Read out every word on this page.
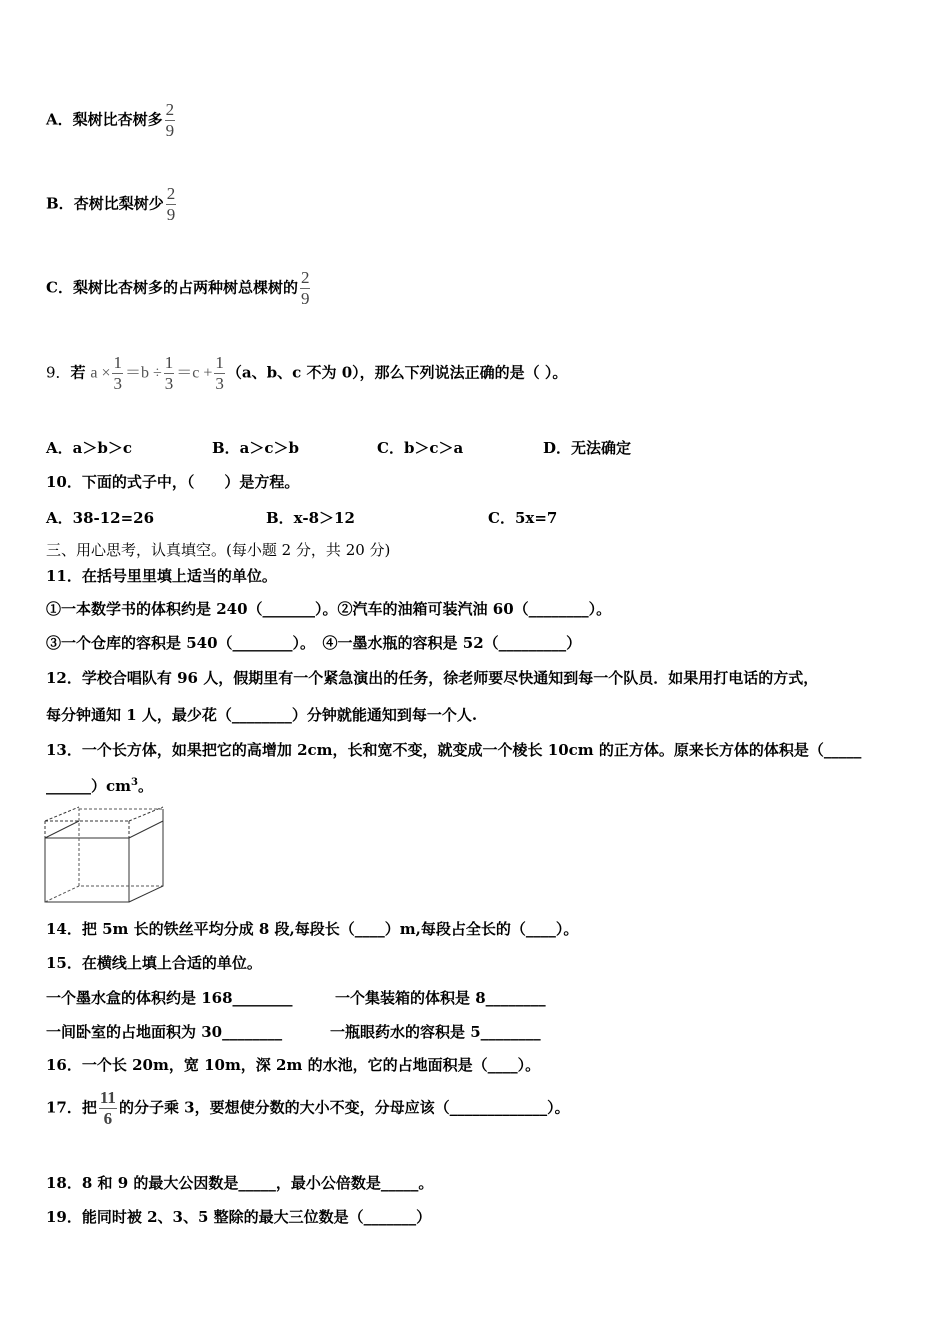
A．梨树比杏树多 $\frac{2}{9}$
B．杏树比梨树少 $\frac{2}{9}$
C．梨树比杏树多的占两种树总棵树的 $\frac{2}{9}$
9．若 $a \times \frac{1}{3} =b \div \frac{1}{3} =c + \frac{1}{3} (a$、b、c 不为 0），那么下列说法正确的是（ ）。
A．a＞b＞c	B．a＞c＞b	C．b＞c＞a	D．无法确定
10．下面的式子中，（　　）是方程。
A．38-12=26	B．x-8＞12	C．5x=7
三、用心思考，认真填空。(每小题 2 分，共 20 分)
11．在括号里里填上适当的单位。
①一本数学书的体积约是 240（_______）。②汽车的油箱可装汽油 60（________）。
③一个仓库的容积是 540（________）。　④一墨水瓶的容积是 52（_________）
12．学校合唱队有 96 人，假期里有一个紧急演出的任务，徐老师要尽快通知到每一个队员．如果用打电话的方式，
每分钟通知 1 人，最少花（________）分钟就能通知到每一个人.
13．一个长方体，如果把它的高增加 2cm，长和宽不变，就变成一个棱长 10cm 的正方体。原来长方体的体积是（_____
$\_\_\_\_\_\_)cm^3$。
14．把 5m 长的铁丝平均分成 8 段,每段长（____）m,每段占全长的（____）。
15．在横线上填上合适的单位。
一个墨水盒的体积约是 168________	一个集装箱的体积是 8________
一间卧室的占地面积为 30________	一瓶眼药水的容积是 5________
16．一个长 20m，宽 10m，深 2m 的水池，它的占地面积是（____）。
17．把 $\frac{11}{6}$ 的分子乘 3，要想使分数的大小不变，分母应该（_____________）。
18．8 和 9 的最大公因数是_____，最小公倍数是_____。
19．能同时被 2、3、5 整除的最大三位数是（_______）
